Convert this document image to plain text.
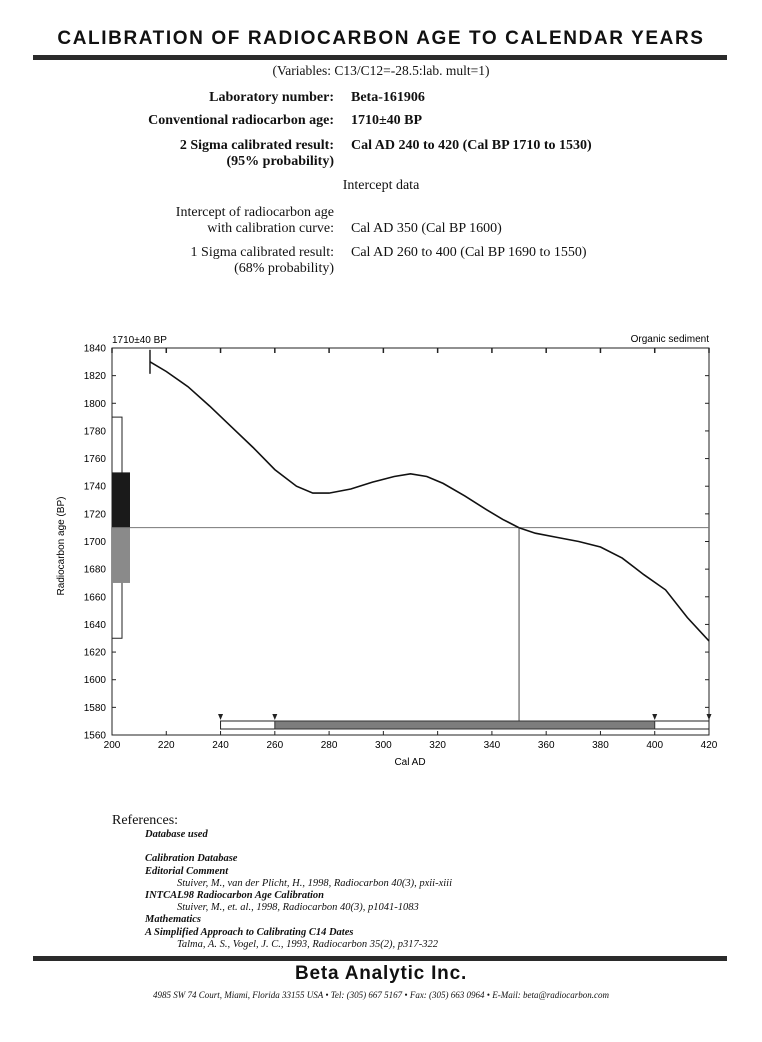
CALIBRATION OF RADIOCARBON AGE TO CALENDAR YEARS
(Variables: C13/C12=-28.5:lab. mult=1)
Laboratory number: Beta-161906
Conventional radiocarbon age: 1710±40 BP
2 Sigma calibrated result:
(95% probability)
Cal AD 240 to 420 (Cal BP 1710 to 1530)
Intercept data
Intercept of radiocarbon age
with calibration curve: Cal AD 350 (Cal BP 1600)
1 Sigma calibrated result:
(68% probability)
Cal AD 260 to 400 (Cal BP 1690 to 1550)
1710±40 BP	Organic sediment
Radiocarbon age (BP)
Cal AD
1560
1580
1600
1620
1640
1660
1680
1700
1720
1740
1760
1780
1800
1820
1840
200	220	240	260	280	300	320	340	360	380	400	420
References:
Database used

Calibration Database
Editorial Comment
Stuiver, M., van der Plicht, H., 1998, Radiocarbon 40(3), pxii-xiii
INTCAL98 Radiocarbon Age Calibration
Stuiver, M., et. al., 1998, Radiocarbon 40(3), p1041-1083
Mathematics
A Simplified Approach to Calibrating C14 Dates
Talma, A. S., Vogel, J. C., 1993, Radiocarbon 35(2), p317-322
Beta Analytic Inc.
4985 SW 74 Court, Miami, Florida 33155 USA • Tel: (305) 667 5167 • Fax: (305) 663 0964 • E-Mail: beta@radiocarbon.com
